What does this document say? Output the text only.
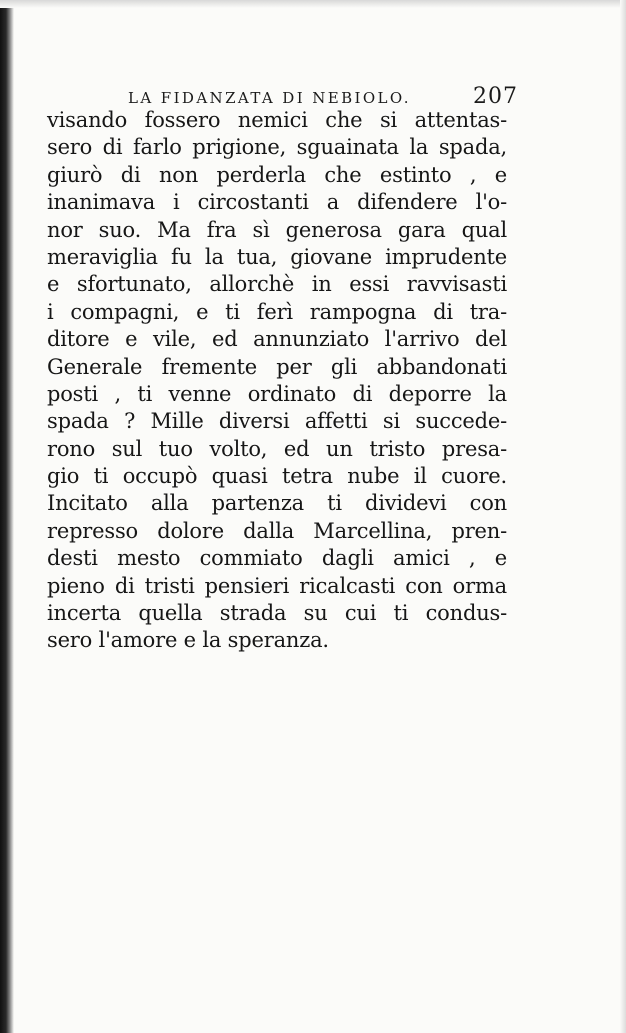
LA FIDANZATA DI NEBIOLO.	207
visando fossero nemici che si attentas-
sero di farlo prigione, sguainata la spada,
giurò di non perderla che estinto , e
inanimava i circostanti a difendere l'o-
nor suo. Ma fra sì generosa gara qual
meraviglia fu la tua, giovane imprudente
e sfortunato, allorchè in essi ravvisasti
i compagni, e ti ferì rampogna di tra-
ditore e vile, ed annunziato l'arrivo del
Generale fremente per gli abbandonati
posti , ti venne ordinato di deporre la
spada ? Mille diversi affetti si succede-
rono sul tuo volto, ed un tristo presa-
gio ti occupò quasi tetra nube il cuore.
Incitato alla partenza ti dividevi con
represso dolore dalla Marcellina, pren-
desti mesto commiato dagli amici , e
pieno di tristi pensieri ricalcasti con orma
incerta quella strada su cui ti condus-
sero l'amore e la speranza.
